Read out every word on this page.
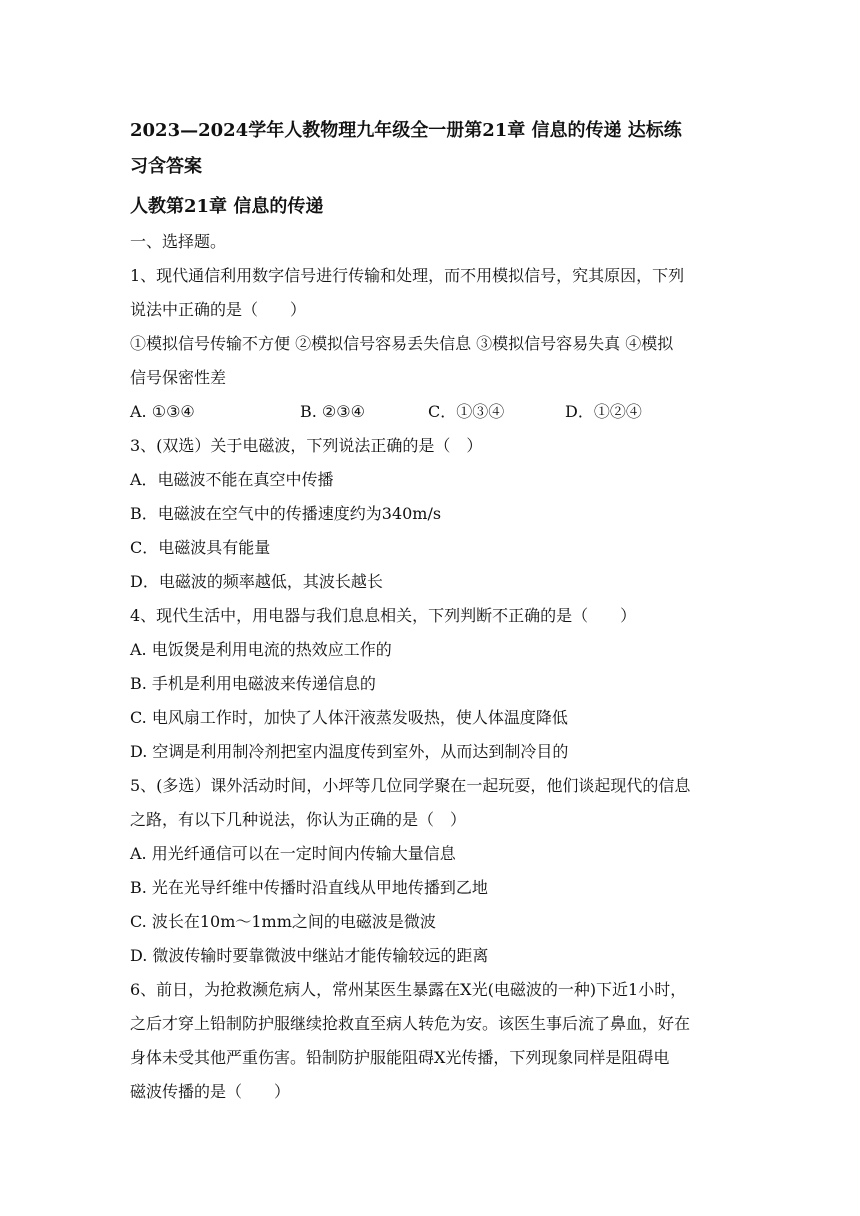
2023—2024学年人教物理九年级全一册第21章 信息的传递 达标练

习含答案

人教第21章 信息的传递

一、选择题。

1、现代通信利用数字信号进行传输和处理，而不用模拟信号，究其原因，下列

说法中正确的是（　　）

①模拟信号传输不方便 ②模拟信号容易丢失信息 ③模拟信号容易失真 ④模拟

信号保密性差

A. ①③④	B. ②③④	C．①③④	D．①②④

3、(双选）关于电磁波，下列说法正确的是（　）

A．电磁波不能在真空中传播

B．电磁波在空气中的传播速度约为340m/s

C．电磁波具有能量

D．电磁波的频率越低，其波长越长

4、现代生活中，用电器与我们息息相关，下列判断不正确的是（　　）

A. 电饭煲是利用电流的热效应工作的

B. 手机是利用电磁波来传递信息的

C. 电风扇工作时，加快了人体汗液蒸发吸热，使人体温度降低

D. 空调是利用制冷剂把室内温度传到室外，从而达到制冷目的

5、(多选）课外活动时间，小坪等几位同学聚在一起玩耍，他们谈起现代的信息

之路，有以下几种说法，你认为正确的是（　）

A. 用光纤通信可以在一定时间内传输大量信息

B. 光在光导纤维中传播时沿直线从甲地传播到乙地

C. 波长在10m～1mm之间的电磁波是微波

D. 微波传输时要靠微波中继站才能传输较远的距离

6、前日，为抢救濒危病人，常州某医生暴露在X光(电磁波的一种)下近1小时，

之后才穿上铅制防护服继续抢救直至病人转危为安。该医生事后流了鼻血，好在

身体未受其他严重伤害。铅制防护服能阻碍X光传播，下列现象同样是阻碍电

磁波传播的是（　　）
